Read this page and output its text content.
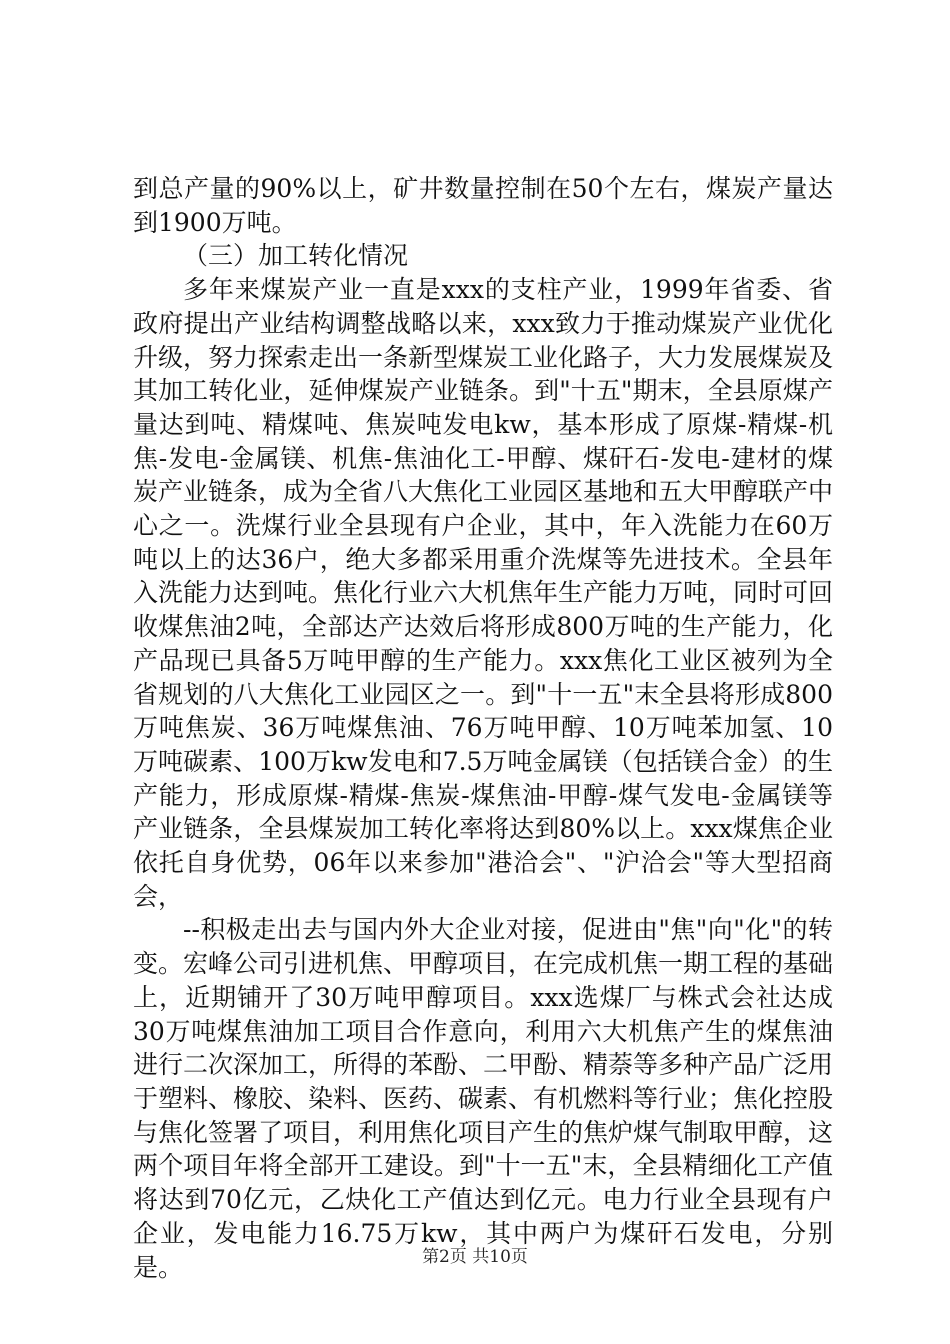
到总产量的90%以上，矿井数量控制在50个左右，煤炭产量达到1900万吨。

（三）加工转化情况

多年来煤炭产业一直是xxx的支柱产业，1999年省委、省政府提出产业结构调整战略以来，xxx致力于推动煤炭产业优化升级，努力探索走出一条新型煤炭工业化路子，大力发展煤炭及其加工转化业，延伸煤炭产业链条。到"十五"期末，全县原煤产量达到吨、精煤吨、焦炭吨发电kw，基本形成了原煤-精煤-机焦-发电-金属镁、机焦-焦油化工-甲醇、煤矸石-发电-建材的煤炭产业链条，成为全省八大焦化工业园区基地和五大甲醇联产中心之一。洗煤行业全县现有户企业，其中，年入洗能力在60万吨以上的达36户，绝大多都采用重介洗煤等先进技术。全县年入洗能力达到吨。焦化行业六大机焦年生产能力万吨，同时可回收煤焦油2吨，全部达产达效后将形成800万吨的生产能力，化产品现已具备5万吨甲醇的生产能力。xxx焦化工业区被列为全省规划的八大焦化工业园区之一。到"十一五"末全县将形成800万吨焦炭、36万吨煤焦油、76万吨甲醇、10万吨苯加氢、10万吨碳素、100万kw发电和7.5万吨金属镁（包括镁合金）的生产能力，形成原煤-精煤-焦炭-煤焦油-甲醇-煤气发电-金属镁等产业链条，全县煤炭加工转化率将达到80%以上。xxx煤焦企业依托自身优势，06年以来参加"港洽会"、"沪洽会"等大型招商会，

--积极走出去与国内外大企业对接，促进由"焦"向"化"的转变。宏峰公司引进机焦、甲醇项目，在完成机焦一期工程的基础上，近期铺开了30万吨甲醇项目。xxx选煤厂与株式会社达成30万吨煤焦油加工项目合作意向，利用六大机焦产生的煤焦油进行二次深加工，所得的苯酚、二甲酚、精萘等多种产品广泛用于塑料、橡胶、染料、医药、碳素、有机燃料等行业；焦化控股与焦化签署了项目，利用焦化项目产生的焦炉煤气制取甲醇，这两个项目年将全部开工建设。到"十一五"末，全县精细化工产值将达到70亿元，乙炔化工产值达到亿元。电力行业全县现有户企业，发电能力16.75万kw，其中两户为煤矸石发电，分别是。	第2页 共10页
